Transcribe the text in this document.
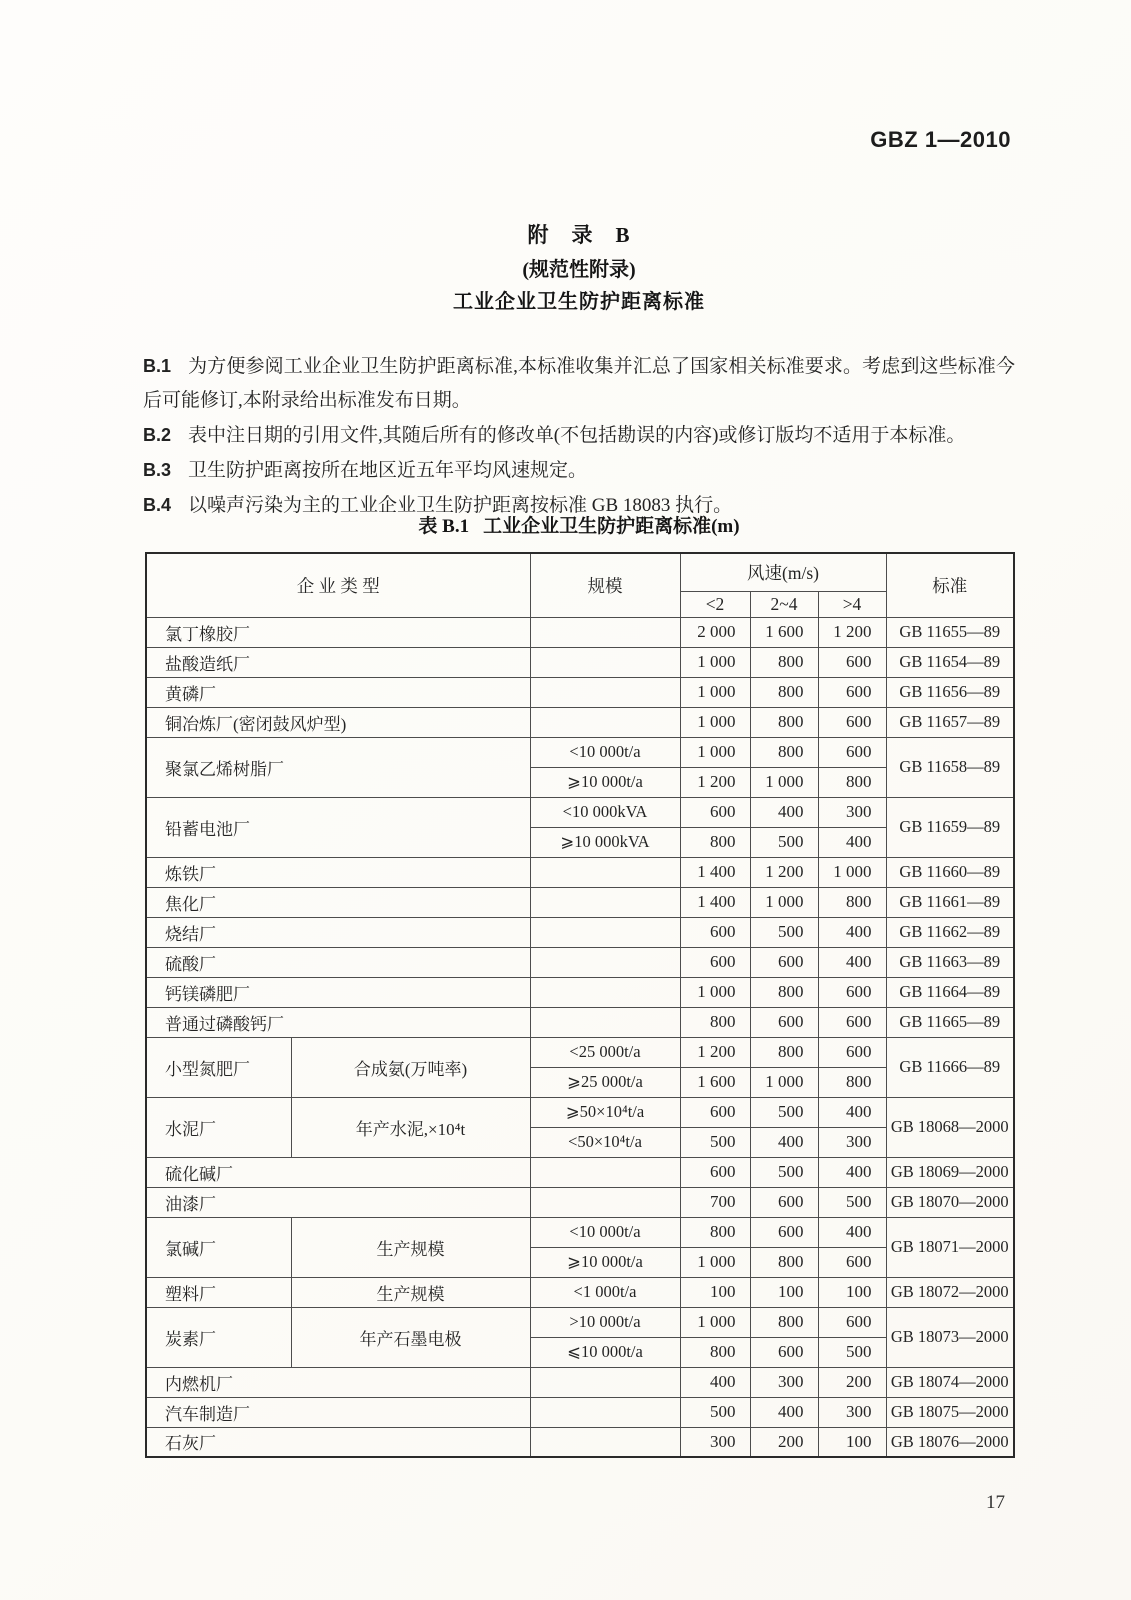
GBZ 1—2010
附　录　B
(规范性附录)
工业企业卫生防护距离标准

B.1 为方便参阅工业企业卫生防护距离标准,本标准收集并汇总了国家相关标准要求。考虑到这些标准今后可能修订,本附录给出标准发布日期。

B.2 表中注日期的引用文件,其随后所有的修改单(不包括勘误的内容)或修订版均不适用于本标准。

B.3 卫生防护距离按所在地区近五年平均风速规定。

B.4 以噪声污染为主的工业企业卫生防护距离按标准 GB 18083 执行。

表 B.1 工业企业卫生防护距离标准(m)
企 业 类 型		规模	风速(m/s)			标准
			<2	2~4	>4	
氯丁橡胶厂			2 000	1 600	1 200	GB 11655—89
盐酸造纸厂			1 000	800	600	GB 11654—89
黄磷厂			1 000	800	600	GB 11656—89
铜冶炼厂(密闭鼓风炉型)			1 000	800	600	GB 11657—89
聚氯乙烯树脂厂		<10 000t/a	1 000	800	600	GB 11658—89
		⩾10 000t/a	1 200	1 000	800	
铅蓄电池厂		<10 000kVA	600	400	300	GB 11659—89
		⩾10 000kVA	800	500	400	
炼铁厂			1 400	1 200	1 000	GB 11660—89
焦化厂			1 400	1 000	800	GB 11661—89
烧结厂			600	500	400	GB 11662—89
硫酸厂			600	600	400	GB 11663—89
钙镁磷肥厂			1 000	800	600	GB 11664—89
普通过磷酸钙厂			800	600	600	GB 11665—89
小型氮肥厂	合成氨(万吨率)	<25 000t/a	1 200	800	600	GB 11666—89
		⩾25 000t/a	1 600	1 000	800	
水泥厂	年产水泥,×10⁴t	⩾50×10⁴t/a	600	500	400	GB 18068—2000
		<50×10⁴t/a	500	400	300	
硫化碱厂			600	500	400	GB 18069—2000
油漆厂			700	600	500	GB 18070—2000
氯碱厂	生产规模	<10 000t/a	800	600	400	GB 18071—2000
		⩾10 000t/a	1 000	800	600	
塑料厂	生产规模	<1 000t/a	100	100	100	GB 18072—2000
炭素厂	年产石墨电极	>10 000t/a	1 000	800	600	GB 18073—2000
		⩽10 000t/a	800	600	500	
内燃机厂			400	300	200	GB 18074—2000
汽车制造厂			500	400	300	GB 18075—2000
石灰厂			300	200	100	GB 18076—2000
17
